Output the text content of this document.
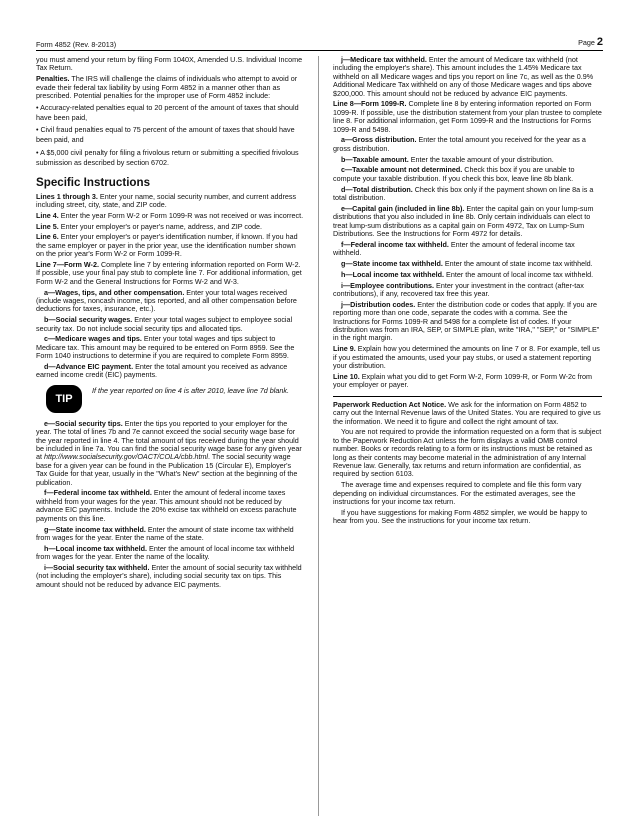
Form 4852 (Rev. 8-2013)	Page 2

you must amend your return by filing Form 1040X, Amended U.S. Individual Income Tax Return.

Penalties. The IRS will challenge the claims of individuals who attempt to avoid or evade their federal tax liability by using Form 4852 in a manner other than as prescribed. Potential penalties for the improper use of Form 4852 include:

• Accuracy-related penalties equal to 20 percent of the amount of taxes that should have been paid,

• Civil fraud penalties equal to 75 percent of the amount of taxes that should have been paid, and

• A $5,000 civil penalty for filing a frivolous return or submitting a specified frivolous submission as described by section 6702.

Specific Instructions

Lines 1 through 3. Enter your name, social security number, and current address including street, city, state, and ZIP code.

Line 4. Enter the year Form W-2 or Form 1099-R was not received or was incorrect.

Line 5. Enter your employer's or payer's name, address, and ZIP code.

Line 6. Enter your employer's or payer's identification number, if known. If you had the same employer or payer in the prior year, use the identification number shown on the prior year's Form W-2 or Form 1099-R.

Line 7—Form W-2. Complete line 7 by entering information reported on Form W-2. If possible, use your final pay stub to complete line 7. For additional information, get Form W-2 and the General Instructions for Forms W-2 and W-3.

a—Wages, tips, and other compensation. Enter your total wages received (include wages, noncash income, tips reported, and all other compensation before deductions for taxes, insurance, etc.).

b—Social security wages. Enter your total wages subject to employee social security tax. Do not include social security tips and allocated tips.

c—Medicare wages and tips. Enter your total wages and tips subject to Medicare tax. This amount may be required to be entered on Form 8959. See the Form 1040 instructions to determine if you are required to complete Form 8959.

d—Advance EIC payment. Enter the total amount you received as advance earned income credit (EIC) payments.

TIP
If the year reported on line 4 is after 2010, leave line 7d blank.

e—Social security tips. Enter the tips you reported to your employer for the year. The total of lines 7b and 7e cannot exceed the social security wage base for the year reported in line 4. The total amount of tips received during the year should be included in line 7a. You can find the social security wage base for any given year at http://www.socialsecurity.gov/OACT/COLA/cbb.html. The social security wage base for a given year can be found in the Publication 15 (Circular E), Employer's Tax Guide for that year, usually in the "What's New" section at the beginning of the publication.

f—Federal income tax withheld. Enter the amount of federal income taxes withheld from your wages for the year. This amount should not be reduced by advance EIC payments. Include the 20% excise tax withheld on excess parachute payments on this line.

g—State income tax withheld. Enter the amount of state income tax withheld from wages for the year. Enter the name of the state.

h—Local income tax withheld. Enter the amount of local income tax withheld from wages for the year. Enter the name of the locality.

i—Social security tax withheld. Enter the amount of social security tax withheld (not including the employer's share), including social security tax on tips. This amount should not be reduced by advance EIC payments.

j—Medicare tax withheld. Enter the amount of Medicare tax withheld (not including the employer's share). This amount includes the 1.45% Medicare tax withheld on all Medicare wages and tips you report on line 7c, as well as the 0.9% Additional Medicare Tax withheld on any of those Medicare wages and tips above $200,000. This amount should not be reduced by advance EIC payments.

Line 8—Form 1099-R. Complete line 8 by entering information reported on Form 1099-R. If possible, use the distribution statement from your plan trustee to complete line 8. For additional information, get Form 1099-R and the Instructions for Forms 1099-R and 5498.

a—Gross distribution. Enter the total amount you received for the year as a gross distribution.

b—Taxable amount. Enter the taxable amount of your distribution.

c—Taxable amount not determined. Check this box if you are unable to compute your taxable distribution. If you check this box, leave line 8b blank.

d—Total distribution. Check this box only if the payment shown on line 8a is a total distribution.

e—Capital gain (included in line 8b). Enter the capital gain on your lump-sum distributions that you also included in line 8b. Only certain individuals can elect to treat lump-sum distributions as a capital gain on Form 4972, Tax on Lump-Sum Distributions. See the Instructions for Form 4972 for details.

f—Federal income tax withheld. Enter the amount of federal income tax withheld.

g—State income tax withheld. Enter the amount of state income tax withheld.

h—Local income tax withheld. Enter the amount of local income tax withheld.

i—Employee contributions. Enter your investment in the contract (after-tax contributions), if any, recovered tax free this year.

j—Distribution codes. Enter the distribution code or codes that apply. If you are reporting more than one code, separate the codes with a comma. See the Instructions for Forms 1099-R and 5498 for a complete list of codes. If your distribution was from an IRA, SEP, or SIMPLE plan, write "IRA," "SEP," or "SIMPLE" in the right margin.

Line 9. Explain how you determined the amounts on line 7 or 8. For example, tell us if you estimated the amounts, used your pay stubs, or used a statement reporting your distribution.

Line 10. Explain what you did to get Form W-2, Form 1099-R, or Form W-2c from your employer or payer.

Paperwork Reduction Act Notice. We ask for the information on Form 4852 to carry out the Internal Revenue laws of the United States. You are required to give us the information. We need it to figure and collect the right amount of tax.

You are not required to provide the information requested on a form that is subject to the Paperwork Reduction Act unless the form displays a valid OMB control number. Books or records relating to a form or its instructions must be retained as long as their contents may become material in the administration of any Internal Revenue law. Generally, tax returns and return information are confidential, as required by section 6103.

The average time and expenses required to complete and file this form vary depending on individual circumstances. For the estimated averages, see the instructions for your income tax return.

If you have suggestions for making Form 4852 simpler, we would be happy to hear from you. See the instructions for your income tax return.
